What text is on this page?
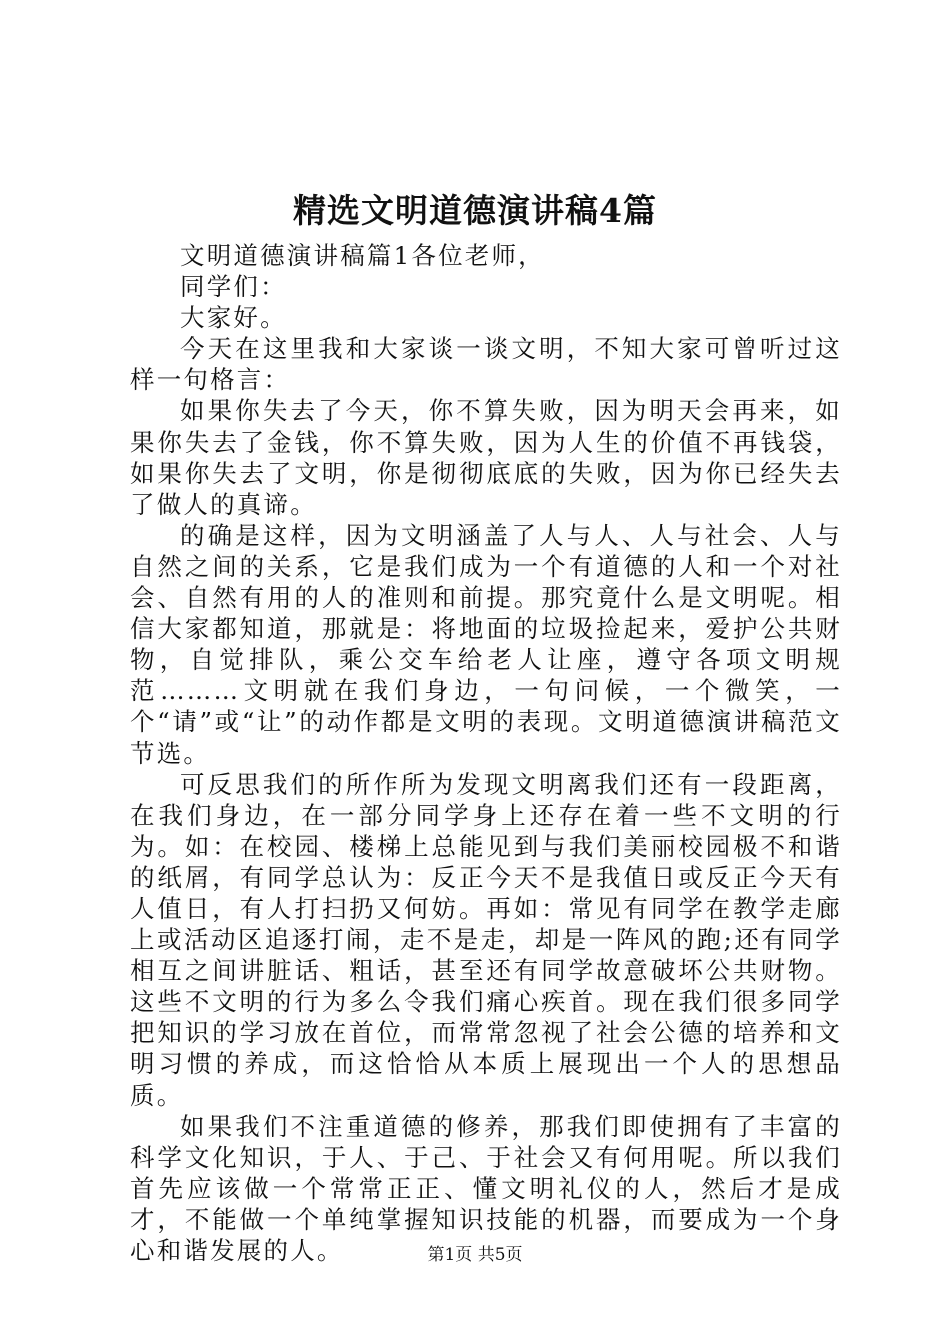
精选文明道德演讲稿4篇

文明道德演讲稿篇1各位老师，

同学们：

大家好。

今天在这里我和大家谈一谈文明，不知大家可曾听过这样一句格言：

如果你失去了今天，你不算失败，因为明天会再来，如果你失去了金钱，你不算失败，因为人生的价值不再钱袋，如果你失去了文明，你是彻彻底底的失败，因为你已经失去了做人的真谛。

的确是这样，因为文明涵盖了人与人、人与社会、人与自然之间的关系，它是我们成为一个有道德的人和一个对社会、自然有用的人的准则和前提。那究竟什么是文明呢。相信大家都知道，那就是：将地面的垃圾捡起来，爱护公共财物，自觉排队，乘公交车给老人让座，遵守各项文明规范………文明就在我们身边，一句问候，一个微笑，一个“请”或“让”的动作都是文明的表现。文明道德演讲稿范文节选。

可反思我们的所作所为发现文明离我们还有一段距离，在我们身边，在一部分同学身上还存在着一些不文明的行为。如：在校园、楼梯上总能见到与我们美丽校园极不和谐的纸屑，有同学总认为：反正今天不是我值日或反正今天有人值日，有人打扫扔又何妨。再如：常见有同学在教学走廊上或活动区追逐打闹，走不是走，却是一阵风的跑;还有同学相互之间讲脏话、粗话，甚至还有同学故意破坏公共财物。这些不文明的行为多么令我们痛心疾首。现在我们很多同学把知识的学习放在首位，而常常忽视了社会公德的培养和文明习惯的养成，而这恰恰从本质上展现出一个人的思想品质。

如果我们不注重道德的修养，那我们即使拥有了丰富的科学文化知识，于人、于己、于社会又有何用呢。所以我们首先应该做一个常常正正、懂文明礼仪的人，然后才是成才，不能做一个单纯掌握知识技能的机器，而要成为一个身心和谐发展的人。	第1页 共5页
